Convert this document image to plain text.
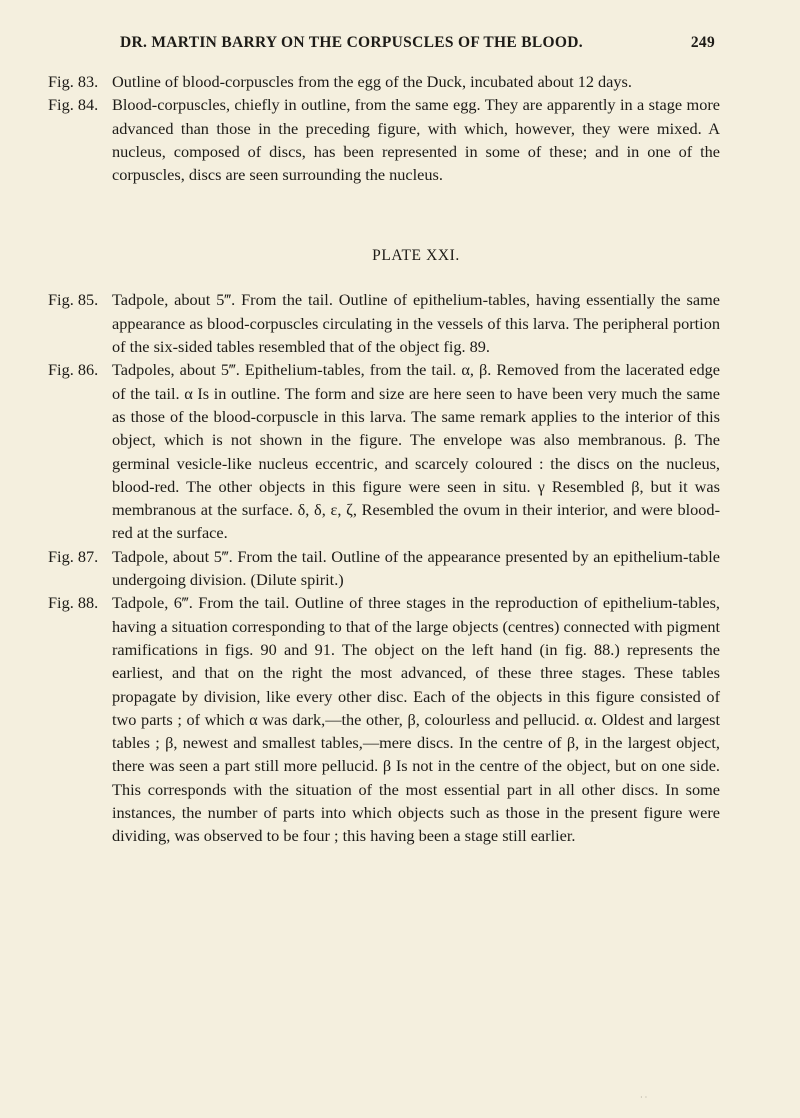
DR. MARTIN BARRY ON THE CORPUSCLES OF THE BLOOD.	249

Fig. 83. Outline of blood-corpuscles from the egg of the Duck, incubated about 12 days.

Fig. 84. Blood-corpuscles, chiefly in outline, from the same egg. They are apparently in a stage more advanced than those in the preceding figure, with which, however, they were mixed. A nucleus, composed of discs, has been represented in some of these; and in one of the corpuscles, discs are seen surrounding the nucleus.

PLATE XXI.

Fig. 85. Tadpole, about 5‴. From the tail. Outline of epithelium-tables, having essentially the same appearance as blood-corpuscles circulating in the vessels of this larva. The peripheral portion of the six-sided tables resembled that of the object fig. 89.

Fig. 86. Tadpoles, about 5‴. Epithelium-tables, from the tail. α, β. Removed from the lacerated edge of the tail. α Is in outline. The form and size are here seen to have been very much the same as those of the blood-corpuscle in this larva. The same remark applies to the interior of this object, which is not shown in the figure. The envelope was also membranous. β. The germinal vesicle-like nucleus eccentric, and scarcely coloured : the discs on the nucleus, blood-red. The other objects in this figure were seen in situ. γ Resembled β, but it was membranous at the surface. δ, δ, ε, ζ, Resembled the ovum in their interior, and were blood-red at the surface.

Fig. 87. Tadpole, about 5‴. From the tail. Outline of the appearance presented by an epithelium-table undergoing division. (Dilute spirit.)

Fig. 88. Tadpole, 6‴. From the tail. Outline of three stages in the reproduction of epithelium-tables, having a situation corresponding to that of the large objects (centres) connected with pigment ramifications in figs. 90 and 91. The object on the left hand (in fig. 88.) represents the earliest, and that on the right the most advanced, of these three stages. These tables propagate by division, like every other disc. Each of the objects in this figure consisted of two parts ; of which α was dark,—the other, β, colourless and pellucid. α. Oldest and largest tables ; β, newest and smallest tables,—mere discs. In the centre of β, in the largest object, there was seen a part still more pellucid. β Is not in the centre of the object, but on one side. This corresponds with the situation of the most essential part in all other discs. In some instances, the number of parts into which objects such as those in the present figure were dividing, was observed to be four ; this having been a stage still earlier.

· ·
